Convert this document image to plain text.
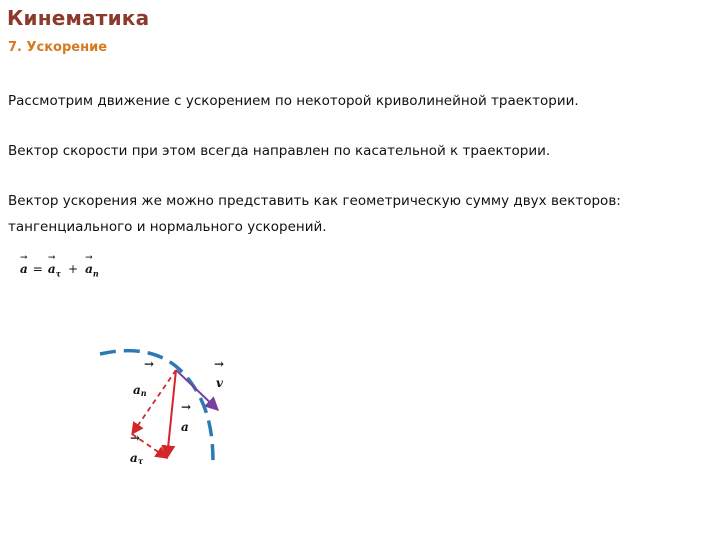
Кинематика
7. Ускорение
Рассмотрим движение с ускорением по некоторой криволинейной траектории.
Вектор скорости при этом всегда направлен по касательной к траектории.
Вектор ускорения же можно представить как геометрическую сумму двух векторов:
тангенциального и нормального ускорений.
→
a =
→
$a_\tau$ +
→
$a_n$
→
an
→
v
→
a
→
aτ
